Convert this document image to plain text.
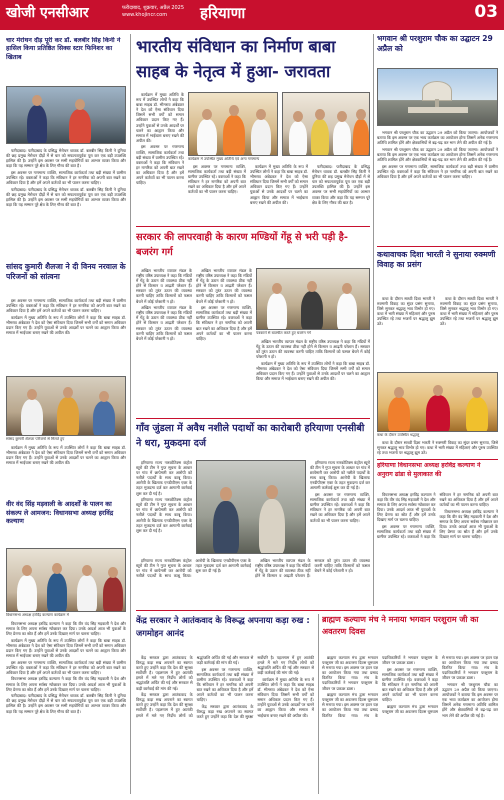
खोजी एनसीआर	फरीदाबाद, शुक्रवार, अप्रैल 2025
www.khojincr.com	हरियाणा	03
चार मेरोथन दौड़ पूरी कर डॉ. बलबीर सिंह किनी ने हासिल किया प्रतिष्ठित सिक्स स्टार फिनिशर का खिताब

फरीदाबाद। फरीदाबाद के प्रसिद्ध मेरोथन धावक डॉ. बलबीर सिंह किनी ने दुनिया की छह प्रमुख मेरोथन दौड़ों में से चार को सफलतापूर्वक पूरा कर एक बड़ी उपलब्धि हासिल की है। उन्होंने इस अवसर पर सभी सहयोगियों का आभार व्यक्त किया और कहा कि यह सम्मान पूरे क्षेत्र के लिए गौरव की बात है।

इस अवसर पर गणमान्य व्यक्ति, सामाजिक कार्यकर्ता तथा बड़ी संख्या में ग्रामीण उपस्थित रहे। वक्ताओं ने कहा कि संविधान ने हर नागरिक को अपनी बात रखने का अधिकार दिया है और हमें अपने कर्तव्यों का भी पालन करना चाहिए।

फरीदाबाद। फरीदाबाद के प्रसिद्ध मेरोथन धावक डॉ. बलबीर सिंह किनी ने दुनिया की छह प्रमुख मेरोथन दौड़ों में से चार को सफलतापूर्वक पूरा कर एक बड़ी उपलब्धि हासिल की है। उन्होंने इस अवसर पर सभी सहयोगियों का आभार व्यक्त किया और कहा कि यह सम्मान पूरे क्षेत्र के लिए गौरव की बात है।

सांसद कुमारी शैलजा ने दी विनय नरवाल के परिजनों को सांत्वना

इस अवसर पर गणमान्य व्यक्ति, सामाजिक कार्यकर्ता तथा बड़ी संख्या में ग्रामीण उपस्थित रहे। वक्ताओं ने कहा कि संविधान ने हर नागरिक को अपनी बात रखने का अधिकार दिया है और हमें अपने कर्तव्यों का भी पालन करना चाहिए।

कार्यक्रम में मुख्य अतिथि के रूप में उपस्थित लोगों ने कहा कि बाबा साहब डॉ. भीमराव अंबेडकर ने देश को ऐसा संविधान दिया जिसमें सभी वर्गों को समान अधिकार प्रदान किए गए हैं। उन्होंने युवाओं से उनके आदर्शों पर चलने का आह्वान किया और समाज में भाईचारा बनाए रखने की अपील की।

सांसद कुमारी शैलजा परिजनों से मिलते हुए

कार्यक्रम में मुख्य अतिथि के रूप में उपस्थित लोगों ने कहा कि बाबा साहब डॉ. भीमराव अंबेडकर ने देश को ऐसा संविधान दिया जिसमें सभी वर्गों को समान अधिकार प्रदान किए गए हैं। उन्होंने युवाओं से उनके आदर्शों पर चलने का आह्वान किया और समाज में भाईचारा बनाए रखने की अपील की।

वीर वंद सिंह मड़वाली के आदर्शों के पालन का संकल्प ले आमजन: विधानसभा अध्यक्ष हरविंद्र कल्याण
विधानसभा अध्यक्ष हरविंद्र कल्याण कार्यक्रम में

विधानसभा अध्यक्ष हरविंद्र कल्याण ने कहा कि वीर वंद सिंह मड़वाली ने देश और समाज के लिए अपना सर्वस्व न्योछावर कर दिया। उनके आदर्श आज भी युवाओं के लिए प्रेरणा का स्रोत हैं और हमें उनके दिखाए मार्ग पर चलना चाहिए।

कार्यक्रम में मुख्य अतिथि के रूप में उपस्थित लोगों ने कहा कि बाबा साहब डॉ. भीमराव अंबेडकर ने देश को ऐसा संविधान दिया जिसमें सभी वर्गों को समान अधिकार प्रदान किए गए हैं। उन्होंने युवाओं से उनके आदर्शों पर चलने का आह्वान किया और समाज में भाईचारा बनाए रखने की अपील की।

इस अवसर पर गणमान्य व्यक्ति, सामाजिक कार्यकर्ता तथा बड़ी संख्या में ग्रामीण उपस्थित रहे। वक्ताओं ने कहा कि संविधान ने हर नागरिक को अपनी बात रखने का अधिकार दिया है और हमें अपने कर्तव्यों का भी पालन करना चाहिए।

विधानसभा अध्यक्ष हरविंद्र कल्याण ने कहा कि वीर वंद सिंह मड़वाली ने देश और समाज के लिए अपना सर्वस्व न्योछावर कर दिया। उनके आदर्श आज भी युवाओं के लिए प्रेरणा का स्रोत हैं और हमें उनके दिखाए मार्ग पर चलना चाहिए।

फरीदाबाद। फरीदाबाद के प्रसिद्ध मेरोथन धावक डॉ. बलबीर सिंह किनी ने दुनिया की छह प्रमुख मेरोथन दौड़ों में से चार को सफलतापूर्वक पूरा कर एक बड़ी उपलब्धि हासिल की है। उन्होंने इस अवसर पर सभी सहयोगियों का आभार व्यक्त किया और कहा कि यह सम्मान पूरे क्षेत्र के लिए गौरव की बात है।

भारतीय संविधान का निर्माण बाबा साहब के नेतृत्व में हुआ- जरावता

कार्यक्रम में मुख्य अतिथि के रूप में उपस्थित लोगों ने कहा कि बाबा साहब डॉ. भीमराव अंबेडकर ने देश को ऐसा संविधान दिया जिसमें सभी वर्गों को समान अधिकार प्रदान किए गए हैं। उन्होंने युवाओं से उनके आदर्शों पर चलने का आह्वान किया और समाज में भाईचारा बनाए रखने की अपील की।

इस अवसर पर गणमान्य व्यक्ति, सामाजिक कार्यकर्ता तथा बड़ी संख्या में ग्रामीण उपस्थित रहे। वक्ताओं ने कहा कि संविधान ने हर नागरिक को अपनी बात रखने का अधिकार दिया है और हमें अपने कर्तव्यों का भी पालन करना चाहिए।

कार्यक्रम में उपस्थित मुख्य अतिथि एवं अन्य गणमान्य

इस अवसर पर गणमान्य व्यक्ति, सामाजिक कार्यकर्ता तथा बड़ी संख्या में ग्रामीण उपस्थित रहे। वक्ताओं ने कहा कि संविधान ने हर नागरिक को अपनी बात रखने का अधिकार दिया है और हमें अपने कर्तव्यों का भी पालन करना चाहिए।

कार्यक्रम में मुख्य अतिथि के रूप में उपस्थित लोगों ने कहा कि बाबा साहब डॉ. भीमराव अंबेडकर ने देश को ऐसा संविधान दिया जिसमें सभी वर्गों को समान अधिकार प्रदान किए गए हैं। उन्होंने युवाओं से उनके आदर्शों पर चलने का आह्वान किया और समाज में भाईचारा बनाए रखने की अपील की।

फरीदाबाद। फरीदाबाद के प्रसिद्ध मेरोथन धावक डॉ. बलबीर सिंह किनी ने दुनिया की छह प्रमुख मेरोथन दौड़ों में से चार को सफलतापूर्वक पूरा कर एक बड़ी उपलब्धि हासिल की है। उन्होंने इस अवसर पर सभी सहयोगियों का आभार व्यक्त किया और कहा कि यह सम्मान पूरे क्षेत्र के लिए गौरव की बात है।

सरकार की लापरवाही के कारण मण्डियों गेंहू से भरी पड़ी है- बजरंग गर्ग

अखिल भारतीय व्यापार मंडल के राष्ट्रीय वरिष्ठ उपाध्यक्ष ने कहा कि मंडियों में गेंहू के उठान की व्यवस्था ठीक नहीं होने से किसान व आढ़ती परेशान हैं। सरकार को तुरंत उठान की व्यवस्था करनी चाहिए ताकि किसानों को फसल बेचने में कोई परेशानी न हो।

अखिल भारतीय व्यापार मंडल के राष्ट्रीय वरिष्ठ उपाध्यक्ष ने कहा कि मंडियों में गेंहू के उठान की व्यवस्था ठीक नहीं होने से किसान व आढ़ती परेशान हैं। सरकार को तुरंत उठान की व्यवस्था करनी चाहिए ताकि किसानों को फसल बेचने में कोई परेशानी न हो।

अखिल भारतीय व्यापार मंडल के राष्ट्रीय वरिष्ठ उपाध्यक्ष ने कहा कि मंडियों में गेंहू के उठान की व्यवस्था ठीक नहीं होने से किसान व आढ़ती परेशान हैं। सरकार को तुरंत उठान की व्यवस्था करनी चाहिए ताकि किसानों को फसल बेचने में कोई परेशानी न हो।

इस अवसर पर गणमान्य व्यक्ति, सामाजिक कार्यकर्ता तथा बड़ी संख्या में ग्रामीण उपस्थित रहे। वक्ताओं ने कहा कि संविधान ने हर नागरिक को अपनी बात रखने का अधिकार दिया है और हमें अपने कर्तव्यों का भी पालन करना चाहिए।

पत्रकारों से बातचीत करते हुए बजरंग गर्ग

अखिल भारतीय व्यापार मंडल के राष्ट्रीय वरिष्ठ उपाध्यक्ष ने कहा कि मंडियों में गेंहू के उठान की व्यवस्था ठीक नहीं होने से किसान व आढ़ती परेशान हैं। सरकार को तुरंत उठान की व्यवस्था करनी चाहिए ताकि किसानों को फसल बेचने में कोई परेशानी न हो।

कार्यक्रम में मुख्य अतिथि के रूप में उपस्थित लोगों ने कहा कि बाबा साहब डॉ. भीमराव अंबेडकर ने देश को ऐसा संविधान दिया जिसमें सभी वर्गों को समान अधिकार प्रदान किए गए हैं। उन्होंने युवाओं से उनके आदर्शों पर चलने का आह्वान किया और समाज में भाईचारा बनाए रखने की अपील की।

गाँव जुंडला में अवैध नशीले पदार्थो का कारोबारी हरियाणा एनसीबी ने धरा, मुकदमा दर्ज

हरियाणा राज्य नारकोटिक्स कंट्रोल ब्यूरो की टीम ने गुप्त सूचना के आधार पर गांव में छापेमारी कर आरोपी को नशीले पदार्थों के साथ काबू किया। आरोपी के खिलाफ एनडीपीएस एक्ट के तहत मुकदमा दर्ज कर आगामी कार्रवाई शुरू कर दी गई है।

हरियाणा राज्य नारकोटिक्स कंट्रोल ब्यूरो की टीम ने गुप्त सूचना के आधार पर गांव में छापेमारी कर आरोपी को नशीले पदार्थों के साथ काबू किया। आरोपी के खिलाफ एनडीपीएस एक्ट के तहत मुकदमा दर्ज कर आगामी कार्रवाई शुरू कर दी गई है।

हरियाणा राज्य नारकोटिक्स कंट्रोल ब्यूरो की टीम ने गुप्त सूचना के आधार पर गांव में छापेमारी कर आरोपी को नशीले पदार्थों के साथ काबू किया। आरोपी के खिलाफ एनडीपीएस एक्ट के तहत मुकदमा दर्ज कर आगामी कार्रवाई शुरू कर दी गई है।

इस अवसर पर गणमान्य व्यक्ति, सामाजिक कार्यकर्ता तथा बड़ी संख्या में ग्रामीण उपस्थित रहे। वक्ताओं ने कहा कि संविधान ने हर नागरिक को अपनी बात रखने का अधिकार दिया है और हमें अपने कर्तव्यों का भी पालन करना चाहिए।

हरियाणा राज्य नारकोटिक्स कंट्रोल ब्यूरो की टीम ने गुप्त सूचना के आधार पर गांव में छापेमारी कर आरोपी को नशीले पदार्थों के साथ काबू किया। आरोपी के खिलाफ एनडीपीएस एक्ट के तहत मुकदमा दर्ज कर आगामी कार्रवाई शुरू कर दी गई है।

अखिल भारतीय व्यापार मंडल के राष्ट्रीय वरिष्ठ उपाध्यक्ष ने कहा कि मंडियों में गेंहू के उठान की व्यवस्था ठीक नहीं होने से किसान व आढ़ती परेशान हैं। सरकार को तुरंत उठान की व्यवस्था करनी चाहिए ताकि किसानों को फसल बेचने में कोई परेशानी न हो।

केंद्र सरकार ने आतंकवाद के विरूद्ध अपनाया कड़ा रुख : जगमोहन आनंद

केंद्र सरकार द्वारा आतंकवाद के विरुद्ध कड़ा रुख अपनाने का स्वागत करते हुए उन्होंने कहा कि देश की सुरक्षा सर्वोपरि है। पहलगाम में हुए आतंकी हमले में मारे गए निर्दोष लोगों को श्रद्धांजलि अर्पित की गई और सरकार से कड़ी कार्रवाई की मांग की गई।

केंद्र सरकार द्वारा आतंकवाद के विरुद्ध कड़ा रुख अपनाने का स्वागत करते हुए उन्होंने कहा कि देश की सुरक्षा सर्वोपरि है। पहलगाम में हुए आतंकी हमले में मारे गए निर्दोष लोगों को श्रद्धांजलि अर्पित की गई और सरकार से कड़ी कार्रवाई की मांग की गई।

इस अवसर पर गणमान्य व्यक्ति, सामाजिक कार्यकर्ता तथा बड़ी संख्या में ग्रामीण उपस्थित रहे। वक्ताओं ने कहा कि संविधान ने हर नागरिक को अपनी बात रखने का अधिकार दिया है और हमें अपने कर्तव्यों का भी पालन करना चाहिए।

केंद्र सरकार द्वारा आतंकवाद के विरुद्ध कड़ा रुख अपनाने का स्वागत करते हुए उन्होंने कहा कि देश की सुरक्षा सर्वोपरि है। पहलगाम में हुए आतंकी हमले में मारे गए निर्दोष लोगों को श्रद्धांजलि अर्पित की गई और सरकार से कड़ी कार्रवाई की मांग की गई।

कार्यक्रम में मुख्य अतिथि के रूप में उपस्थित लोगों ने कहा कि बाबा साहब डॉ. भीमराव अंबेडकर ने देश को ऐसा संविधान दिया जिसमें सभी वर्गों को समान अधिकार प्रदान किए गए हैं। उन्होंने युवाओं से उनके आदर्शों पर चलने का आह्वान किया और समाज में भाईचारा बनाए रखने की अपील की।

ब्राह्मण कल्याण मंच ने मनाया भगवान परशुराम जी का अवतरण दिवस

ब्राह्मण कल्याण मंच द्वारा भगवान परशुराम जी का अवतरण दिवस धूमधाम से मनाया गया। इस अवसर पर हवन यज्ञ का आयोजन किया गया तथा प्रसाद वितरित किया गया। मंच के पदाधिकारियों ने भगवान परशुराम के जीवन पर प्रकाश डाला।

ब्राह्मण कल्याण मंच द्वारा भगवान परशुराम जी का अवतरण दिवस धूमधाम से मनाया गया। इस अवसर पर हवन यज्ञ का आयोजन किया गया तथा प्रसाद वितरित किया गया। मंच के पदाधिकारियों ने भगवान परशुराम के जीवन पर प्रकाश डाला।

इस अवसर पर गणमान्य व्यक्ति, सामाजिक कार्यकर्ता तथा बड़ी संख्या में ग्रामीण उपस्थित रहे। वक्ताओं ने कहा कि संविधान ने हर नागरिक को अपनी बात रखने का अधिकार दिया है और हमें अपने कर्तव्यों का भी पालन करना चाहिए।

ब्राह्मण कल्याण मंच द्वारा भगवान परशुराम जी का अवतरण दिवस धूमधाम से मनाया गया। इस अवसर पर हवन यज्ञ का आयोजन किया गया तथा प्रसाद वितरित किया गया। मंच के पदाधिकारियों ने भगवान परशुराम के जीवन पर प्रकाश डाला।

भगवान श्री परशुराम चौक का उद्घाटन 29 अप्रैल को किया जाएगा। आयोजकों ने बताया कि इस अवसर पर एक भव्य कार्यक्रम का आयोजन होगा जिसमें अनेक गणमान्य अतिथि शामिल होंगे और क्षेत्रवासियों से बढ़-चढ़ कर भाग लेने की अपील की गई है।

भगवान श्री परशुराम चौक का उद्घाटन 29 अप्रैल को

भगवान श्री परशुराम चौक का उद्घाटन 29 अप्रैल को किया जाएगा। आयोजकों ने बताया कि इस अवसर पर एक भव्य कार्यक्रम का आयोजन होगा जिसमें अनेक गणमान्य अतिथि शामिल होंगे और क्षेत्रवासियों से बढ़-चढ़ कर भाग लेने की अपील की गई है।

भगवान श्री परशुराम चौक का उद्घाटन 29 अप्रैल को किया जाएगा। आयोजकों ने बताया कि इस अवसर पर एक भव्य कार्यक्रम का आयोजन होगा जिसमें अनेक गणमान्य अतिथि शामिल होंगे और क्षेत्रवासियों से बढ़-चढ़ कर भाग लेने की अपील की गई है।

इस अवसर पर गणमान्य व्यक्ति, सामाजिक कार्यकर्ता तथा बड़ी संख्या में ग्रामीण उपस्थित रहे। वक्ताओं ने कहा कि संविधान ने हर नागरिक को अपनी बात रखने का अधिकार दिया है और हमें अपने कर्तव्यों का भी पालन करना चाहिए।

कथावाचक दिशा भारती ने सुनाया रुक्मणी विवाह का प्रसंग

कथा के दौरान साध्वी दिशा भारती ने रुक्मणी विवाह का सुंदर प्रसंग सुनाया, जिसे सुनकर श्रद्धालु भाव विभोर हो गए। कथा में भारी संख्या में महिलाएं और पुरुष उपस्थित रहे तथा भजनों पर श्रद्धालु झूम उठे।

कथा के दौरान साध्वी दिशा भारती ने रुक्मणी विवाह का सुंदर प्रसंग सुनाया, जिसे सुनकर श्रद्धालु भाव विभोर हो गए। कथा में भारी संख्या में महिलाएं और पुरुष उपस्थित रहे तथा भजनों पर श्रद्धालु झूम उठे।

कथा के दौरान उपस्थित श्रद्धालु

कथा के दौरान साध्वी दिशा भारती ने रुक्मणी विवाह का सुंदर प्रसंग सुनाया, जिसे सुनकर श्रद्धालु भाव विभोर हो गए। कथा में भारी संख्या में महिलाएं और पुरुष उपस्थित रहे तथा भजनों पर श्रद्धालु झूम उठे।

हरियाणा विधानसभा अध्यक्ष हरविंद्र कल्याण ने अनुराग ढांडा से मुलाकात की

विधानसभा अध्यक्ष हरविंद्र कल्याण ने कहा कि वीर वंद सिंह मड़वाली ने देश और समाज के लिए अपना सर्वस्व न्योछावर कर दिया। उनके आदर्श आज भी युवाओं के लिए प्रेरणा का स्रोत हैं और हमें उनके दिखाए मार्ग पर चलना चाहिए।

इस अवसर पर गणमान्य व्यक्ति, सामाजिक कार्यकर्ता तथा बड़ी संख्या में ग्रामीण उपस्थित रहे। वक्ताओं ने कहा कि संविधान ने हर नागरिक को अपनी बात रखने का अधिकार दिया है और हमें अपने कर्तव्यों का भी पालन करना चाहिए।

विधानसभा अध्यक्ष हरविंद्र कल्याण ने कहा कि वीर वंद सिंह मड़वाली ने देश और समाज के लिए अपना सर्वस्व न्योछावर कर दिया। उनके आदर्श आज भी युवाओं के लिए प्रेरणा का स्रोत हैं और हमें उनके दिखाए मार्ग पर चलना चाहिए।
